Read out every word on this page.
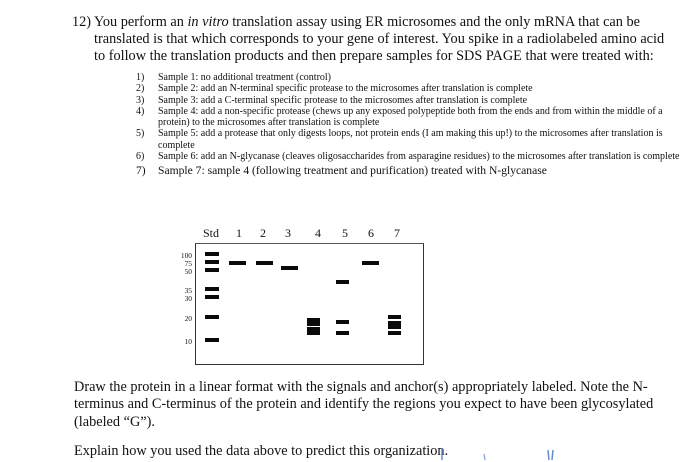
12) You perform an in vitro translation assay using ER microsomes and the only mRNA that can be translated is that which corresponds to your gene of interest. You spike in a radiolabeled amino acid to follow the translation products and then prepare samples for SDS PAGE that were treated with:
1) Sample 1: no additional treatment (control)
2) Sample 2: add an N-terminal specific protease to the microsomes after translation is complete
3) Sample 3: add a C-terminal specific protease to the microsomes after translation is complete
4) Sample 4: add a non-specific protease (chews up any exposed polypeptide both from the ends and from within the middle of a protein) to the microsomes after translation is complete
5) Sample 5: add a protease that only digests loops, not protein ends (I am making this up!) to the microsomes after translation is complete
6) Sample 6: add an N-glycanase (cleaves oligosaccharides from asparagine residues) to the microsomes after translation is complete
7) Sample 7: sample 4 (following treatment and purification) treated with N-glycanase
Std 1 2 3 4 5 6 7
100
75
50
35
30
20
10

Draw the protein in a linear format with the signals and anchor(s) appropriately labeled. Note the N-terminus and C-terminus of the protein and identify the regions you expect to have been glycosylated (labeled “G”).

Explain how you used the data above to predict this organization.
